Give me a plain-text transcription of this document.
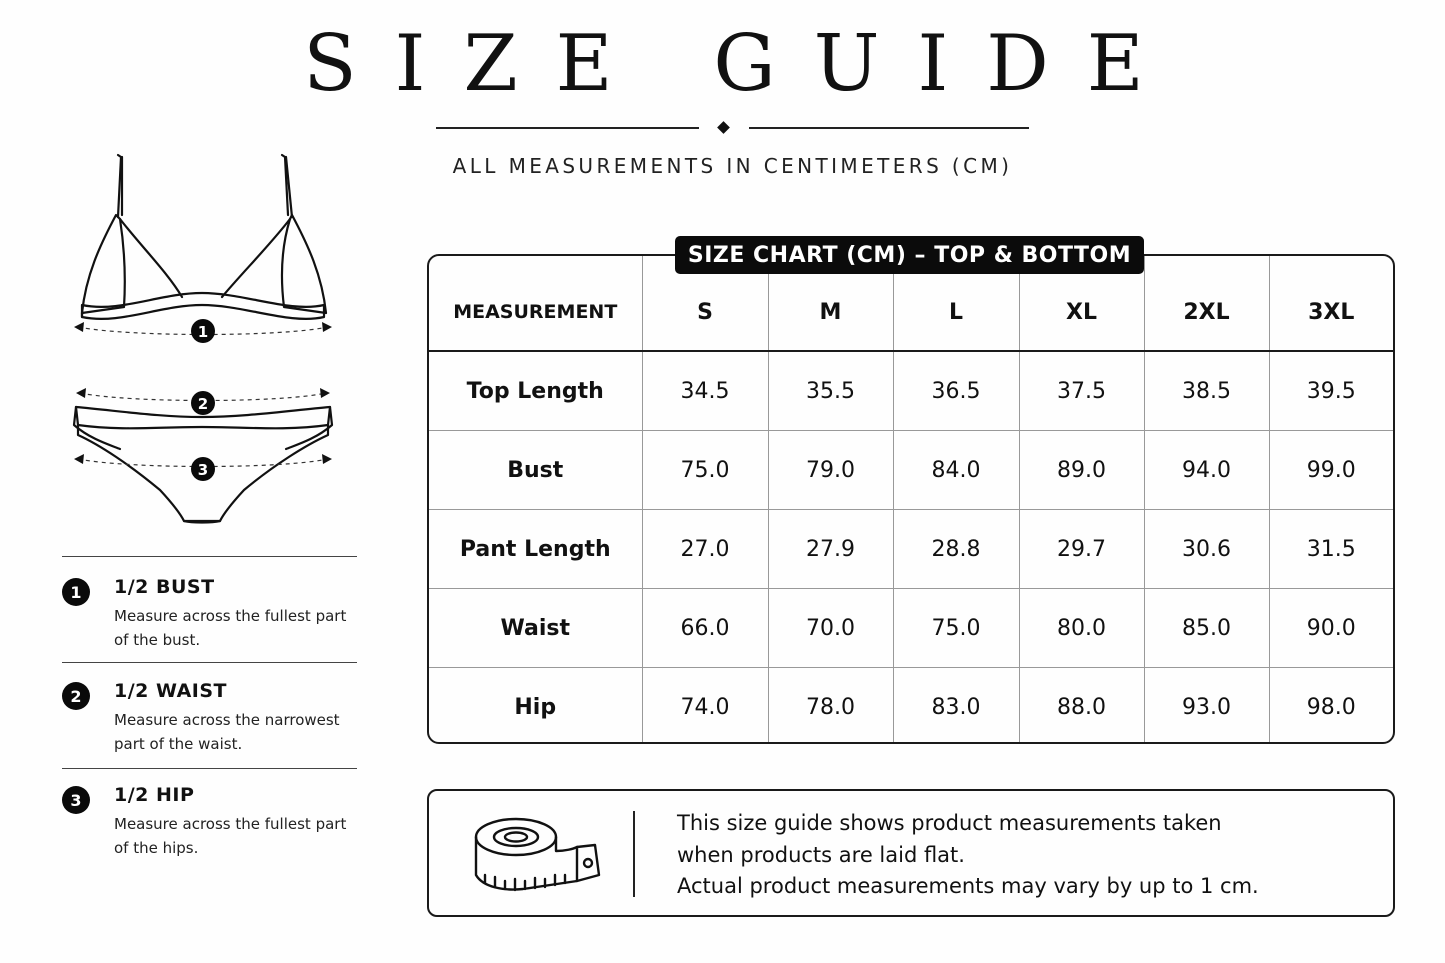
SIZE GUIDE
ALL MEASUREMENTS IN CENTIMETERS (CM)
1
2
3
1	1/2 BUST
Measure across the fullest part
of the bust.
2	1/2 WAIST
Measure across the narrowest
part of the waist.
3	1/2 HIP
Measure across the fullest part
of the hips.
SIZE CHART (CM) – TOP & BOTTOM
MEASUREMENT	S	M	L	XL	2XL	3XL
Top Length	34.5	35.5	36.5	37.5	38.5	39.5
Bust	75.0	79.0	84.0	89.0	94.0	99.0
Pant Length	27.0	27.9	28.8	29.7	30.6	31.5
Waist	66.0	70.0	75.0	80.0	85.0	90.0
Hip	74.0	78.0	83.0	88.0	93.0	98.0
This size guide shows product measurements taken
when products are laid flat.
Actual product measurements may vary by up to 1 cm.
